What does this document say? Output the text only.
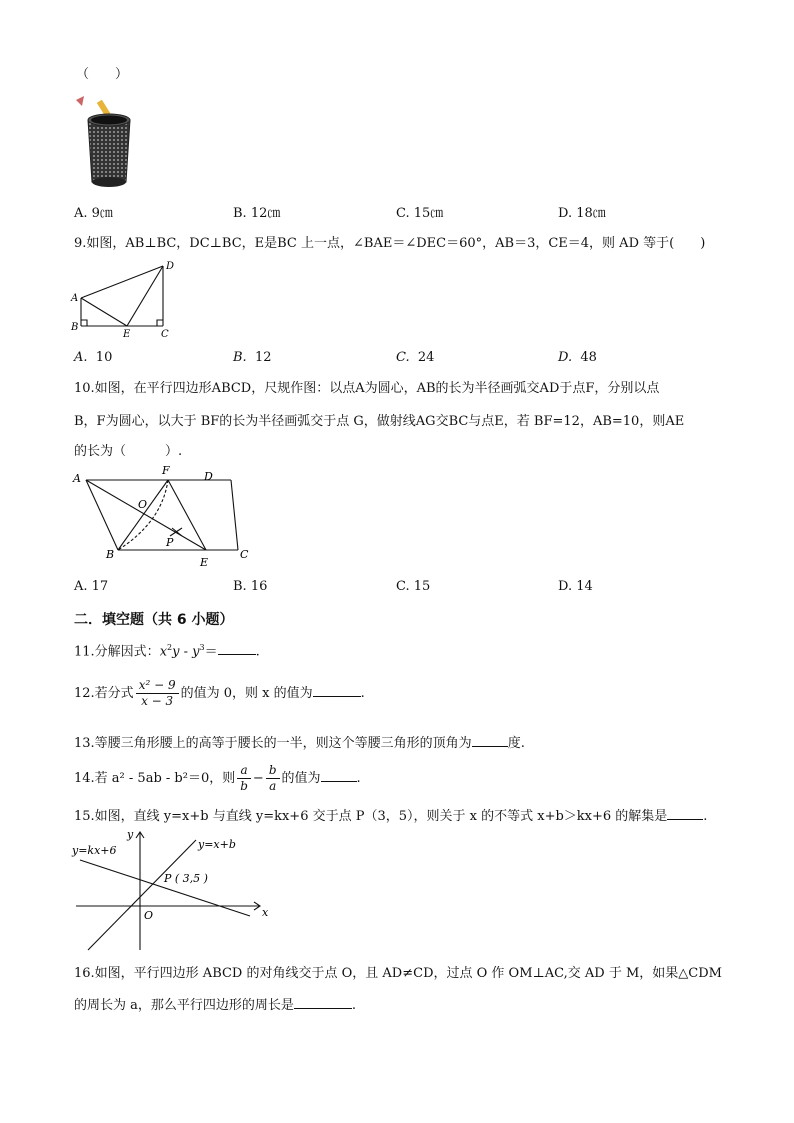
（　　）
A. 9㎝	B. 12㎝	C. 15㎝	D. 18㎝
9.如图，AB⊥BC，DC⊥BC，E是BC 上一点，∠BAE＝∠DEC＝60°，AB＝3，CE＝4，则 AD 等于(　　)
A
B
E	C
D
A. 10	B. 12	C. 24	D. 48
10.如图，在平行四边形ABCD，尺规作图：以点A为圆心，AB的长为半径画弧交AD于点F，分别以点
B，F为圆心，以大于 BF的长为半径画弧交于点 G，做射线AG交BC与点E，若 BF=12，AB=10，则AE
的长为（　　　）.
A
F	D
O
P
B
E
C
A. 17	B. 16	C. 15	D. 14
二．填空题（共 6 小题）
11.分解因式：$x^2y - y^3=$	.
12.若分式 $\frac{\text{x² − 9}}{x - 3}$ 的值为 0，则 x 的值为	.
13.等腰三角形腰上的高等于腰长的一半，则这个等腰三角形的顶角为	度.
14.若 a² - 5ab - b²＝0，则 $\frac{a}{b} - \frac{b}{a}$ 的值为	.
15.如图，直线 y=x+b 与直线 y=kx+6 交于点 P（3，5），则关于 x 的不等式 x+b＞kx+6 的解集是	.
y=kx+6	y=x+b
P ( 3,5 )
O	x
y
16.如图，平行四边形 ABCD 的对角线交于点 O，且 AD≠CD，过点 O 作 OM⊥AC,交 AD 于 M，如果△CDM
的周长为 a，那么平行四边形的周长是	.
